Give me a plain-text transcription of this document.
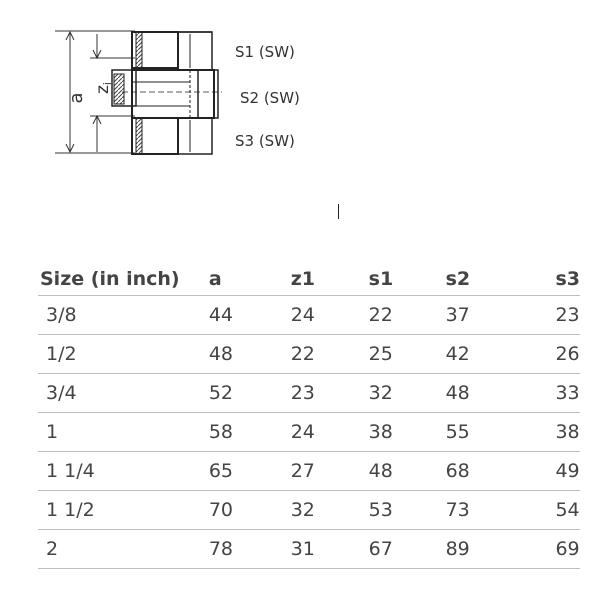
a
zi
S1 (SW)
S2 (SW)
S3 (SW)
Size (in inch)	a	z1	s1	s2	s3
3/8	44	24	22	37	23
1/2	48	22	25	42	26
3/4	52	23	32	48	33
1	58	24	38	55	38
1 1/4	65	27	48	68	49
1 1/2	70	32	53	73	54
2	78	31	67	89	69
